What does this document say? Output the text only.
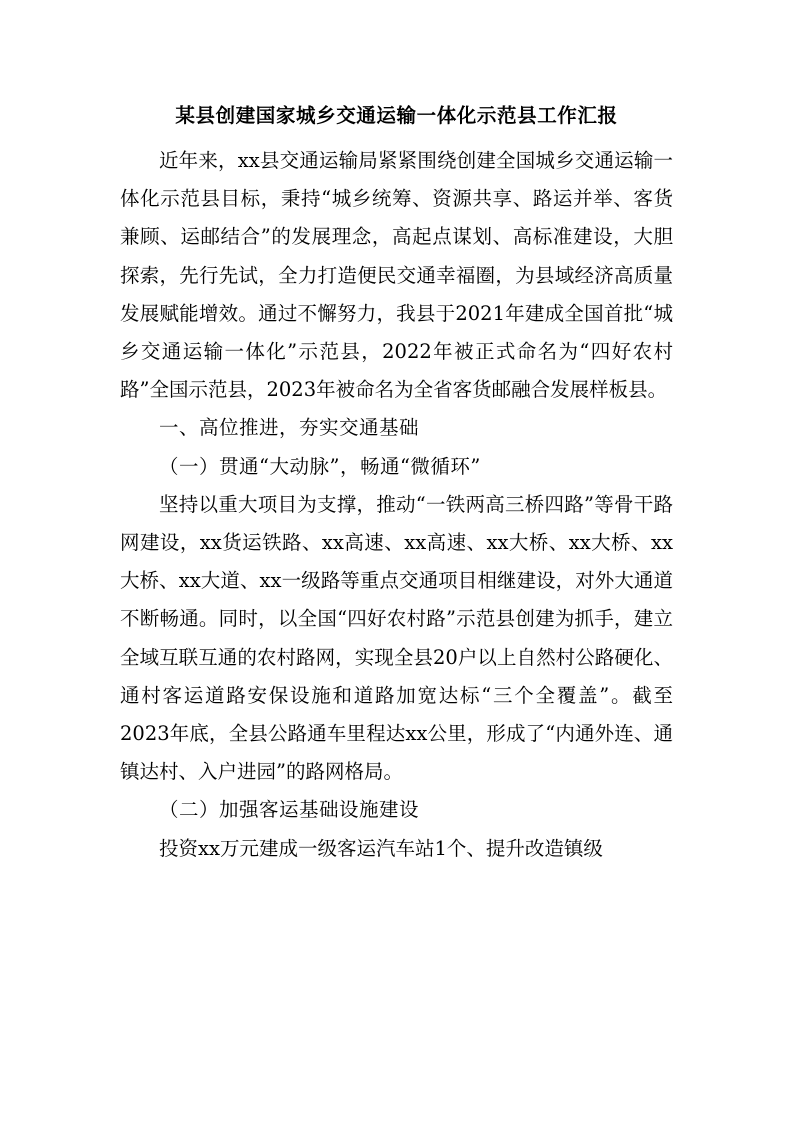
某县创建国家城乡交通运输一体化示范县工作汇报

近年来，xx县交通运输局紧紧围绕创建全国城乡交通运输一体化示范县目标，秉持“城乡统筹、资源共享、路运并举、客货兼顾、运邮结合”的发展理念，高起点谋划、高标准建设，大胆探索，先行先试，全力打造便民交通幸福圈，为县域经济高质量发展赋能增效。通过不懈努力，我县于2021年建成全国首批“城乡交通运输一体化”示范县，2022年被正式命名为“四好农村路”全国示范县，2023年被命名为全省客货邮融合发展样板县。

一、高位推进，夯实交通基础

（一）贯通“大动脉”，畅通“微循环”

坚持以重大项目为支撑，推动“一铁两高三桥四路”等骨干路网建设，xx货运铁路、xx高速、xx高速、xx大桥、xx大桥、xx大桥、xx大道、xx一级路等重点交通项目相继建设，对外大通道不断畅通。同时，以全国“四好农村路”示范县创建为抓手，建立全域互联互通的农村路网，实现全县20户以上自然村公路硬化、通村客运道路安保设施和道路加宽达标“三个全覆盖”。截至2023年底，全县公路通车里程达xx公里，形成了“内通外连、通镇达村、入户进园”的路网格局。

（二）加强客运基础设施建设

投资xx万元建成一级客运汽车站1个、提升改造镇级
